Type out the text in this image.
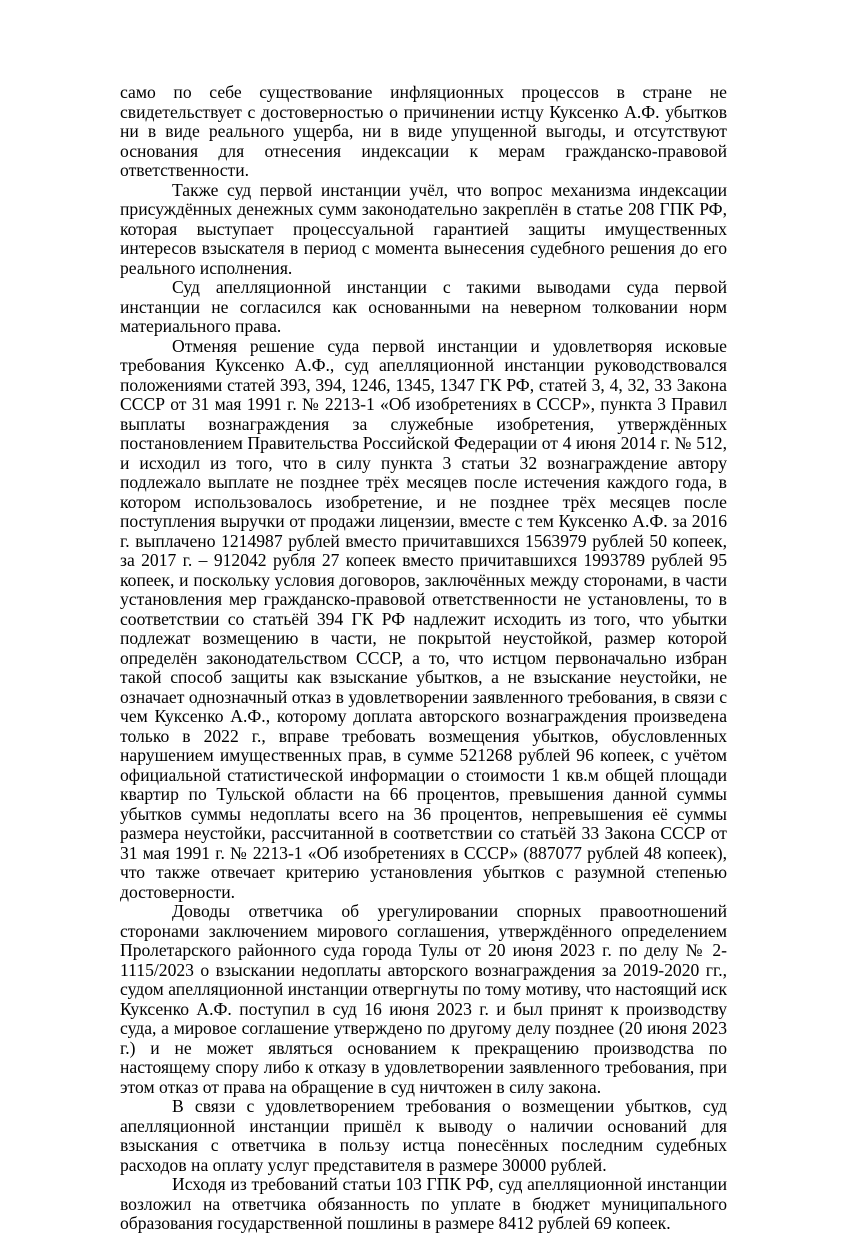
само по себе существование инфляционных процессов в стране не свидетельствует с достоверностью о причинении истцу Куксенко А.Ф. убытков ни в виде реального ущерба, ни в виде упущенной выгоды, и отсутствуют основания для отнесения индексации к мерам гражданско-правовой ответственности.

Также суд первой инстанции учёл, что вопрос механизма индексации присуждённых денежных сумм законодательно закреплён в статье 208 ГПК РФ, которая выступает процессуальной гарантией защиты имущественных интересов взыскателя в период с момента вынесения судебного решения до его реального исполнения.

Суд апелляционной инстанции с такими выводами суда первой инстанции не согласился как основанными на неверном толковании норм материального права.

Отменяя решение суда первой инстанции и удовлетворяя исковые требования Куксенко А.Ф., суд апелляционной инстанции руководствовался положениями статей 393, 394, 1246, 1345, 1347 ГК РФ, статей 3, 4, 32, 33 Закона СССР от 31 мая 1991 г. № 2213-1 «Об изобретениях в СССР», пункта 3 Правил выплаты вознаграждения за служебные изобретения, утверждённых постановлением Правительства Российской Федерации от 4 июня 2014 г. № 512, и исходил из того, что в силу пункта 3 статьи 32 вознаграждение автору подлежало выплате не позднее трёх месяцев после истечения каждого года, в котором использовалось изобретение, и не позднее трёх месяцев после поступления выручки от продажи лицензии, вместе с тем Куксенко А.Ф. за 2016 г. выплачено 1214987 рублей вместо причитавшихся 1563979 рублей 50 копеек, за 2017 г. – 912042 рубля 27 копеек вместо причитавшихся 1993789 рублей 95 копеек, и поскольку условия договоров, заключённых между сторонами, в части установления мер гражданско-правовой ответственности не установлены, то в соответствии со статьёй 394 ГК РФ надлежит исходить из того, что убытки подлежат возмещению в части, не покрытой неустойкой, размер которой определён законодательством СССР, а то, что истцом первоначально избран такой способ защиты как взыскание убытков, а не взыскание неустойки, не означает однозначный отказ в удовлетворении заявленного требования, в связи с чем Куксенко А.Ф., которому доплата авторского вознаграждения произведена только в 2022 г., вправе требовать возмещения убытков, обусловленных нарушением имущественных прав, в сумме 521268 рублей 96 копеек, с учётом официальной статистической информации о стоимости 1 кв.м общей площади квартир по Тульской области на 66 процентов, превышения данной суммы убытков суммы недоплаты всего на 36 процентов, непревышения её суммы размера неустойки, рассчитанной в соответствии со статьёй 33 Закона СССР от 31 мая 1991 г. № 2213-1 «Об изобретениях в СССР» (887077 рублей 48 копеек), что также отвечает критерию установления убытков с разумной степенью достоверности.

Доводы ответчика об урегулировании спорных правоотношений сторонами заключением мирового соглашения, утверждённого определением Пролетарского районного суда города Тулы от 20 июня 2023 г. по делу № 2-1115/2023 о взыскании недоплаты авторского вознаграждения за 2019-2020 гг., судом апелляционной инстанции отвергнуты по тому мотиву, что настоящий иск Куксенко А.Ф. поступил в суд 16 июня 2023 г. и был принят к производству суда, а мировое соглашение утверждено по другому делу позднее (20 июня 2023 г.) и не может являться основанием к прекращению производства по настоящему спору либо к отказу в удовлетворении заявленного требования, при этом отказ от права на обращение в суд ничтожен в силу закона.

В связи с удовлетворением требования о возмещении убытков, суд апелляционной инстанции пришёл к выводу о наличии оснований для взыскания с ответчика в пользу истца понесённых последним судебных расходов на оплату услуг представителя в размере 30000 рублей.

Исходя из требований статьи 103 ГПК РФ, суд апелляционной инстанции возложил на ответчика обязанность по уплате в бюджет муниципального образования государственной пошлины в размере 8412 рублей 69 копеек.
